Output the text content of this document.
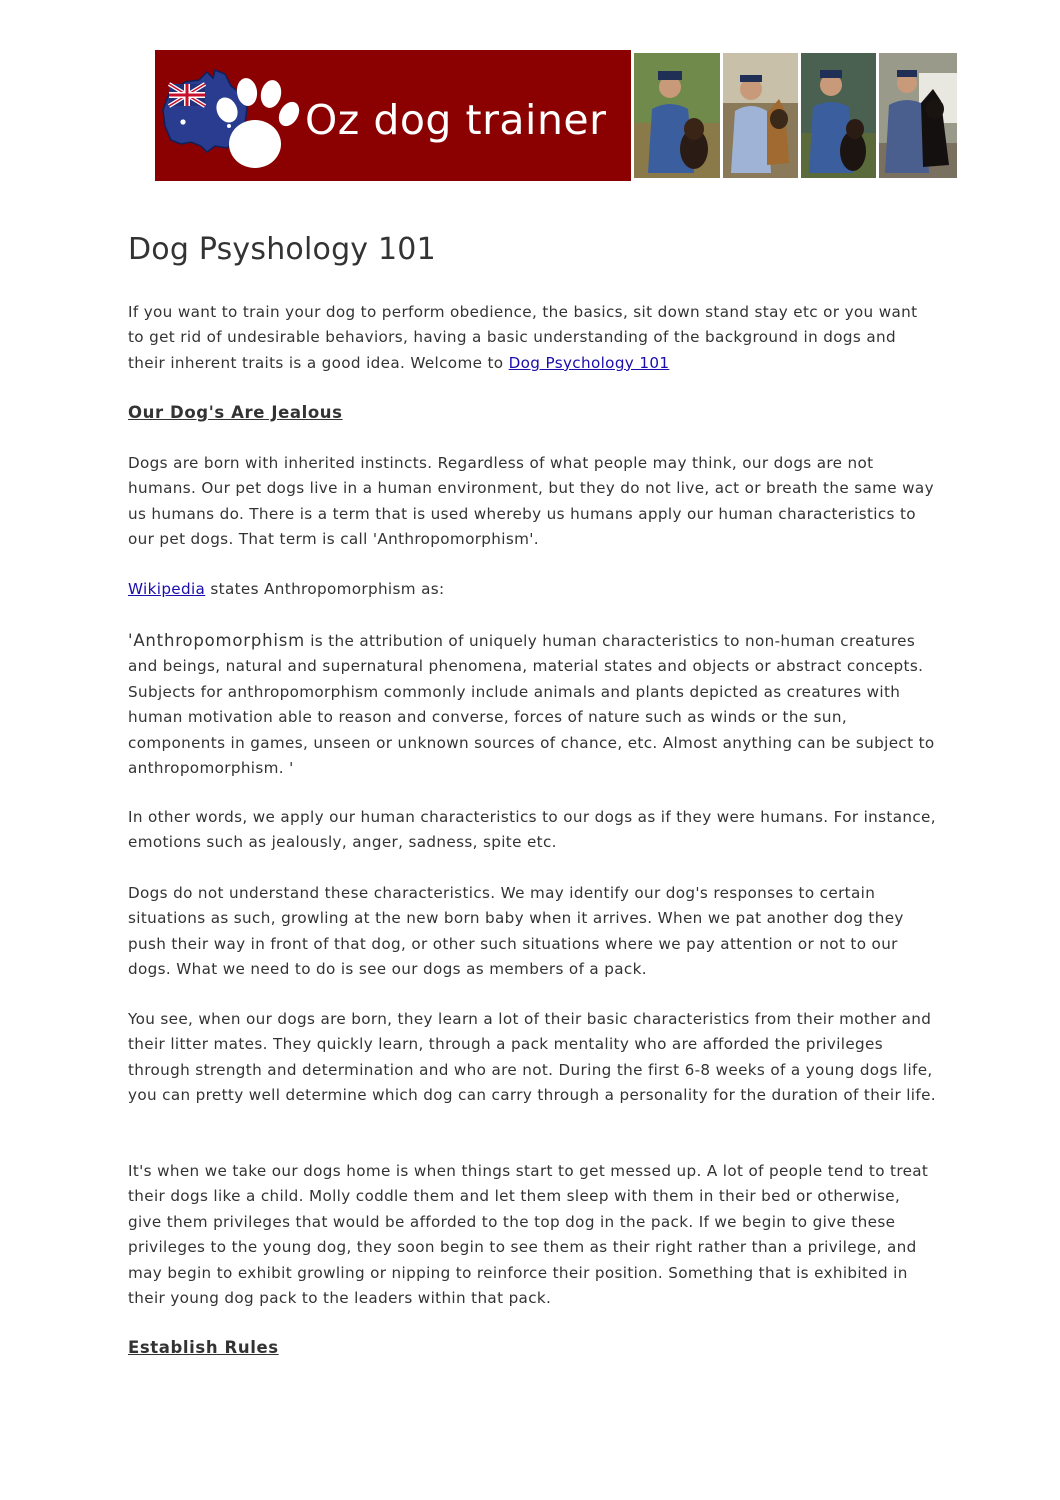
Oz dog trainer
Dog Psyshology 101

If you want to train your dog to perform obedience, the basics, sit down stand stay etc or you want to get rid of undesirable behaviors, having a basic understanding of the background in dogs and their inherent traits is a good idea. Welcome to Dog Psychology 101

Our Dog's Are Jealous

Dogs are born with inherited instincts. Regardless of what people may think, our dogs are not humans. Our pet dogs live in a human environment, but they do not live, act or breath the same way us humans do. There is a term that is used whereby us humans apply our human characteristics to our pet dogs. That term is call 'Anthropomorphism'.

Wikipedia states Anthropomorphism as:

'Anthropomorphism is the attribution of uniquely human characteristics to non-human creatures and beings, natural and supernatural phenomena, material states and objects or abstract concepts. Subjects for anthropomorphism commonly include animals and plants depicted as creatures with human motivation able to reason and converse, forces of nature such as winds or the sun, components in games, unseen or unknown sources of chance, etc. Almost anything can be subject to anthropomorphism. '

In other words, we apply our human characteristics to our dogs as if they were humans. For instance, emotions such as jealously, anger, sadness, spite etc.

Dogs do not understand these characteristics. We may identify our dog's responses to certain situations as such, growling at the new born baby when it arrives. When we pat another dog they push their way in front of that dog, or other such situations where we pay attention or not to our dogs. What we need to do is see our dogs as members of a pack.

You see, when our dogs are born, they learn a lot of their basic characteristics from their mother and their litter mates. They quickly learn, through a pack mentality who are afforded the privileges through strength and determination and who are not. During the first 6-8 weeks of a young dogs life, you can pretty well determine which dog can carry through a personality for the duration of their life.

It's when we take our dogs home is when things start to get messed up. A lot of people tend to treat their dogs like a child. Molly coddle them and let them sleep with them in their bed or otherwise, give them privileges that would be afforded to the top dog in the pack. If we begin to give these privileges to the young dog, they soon begin to see them as their right rather than a privilege, and may begin to exhibit growling or nipping to reinforce their position. Something that is exhibited in their young dog pack to the leaders within that pack.

Establish Rules
